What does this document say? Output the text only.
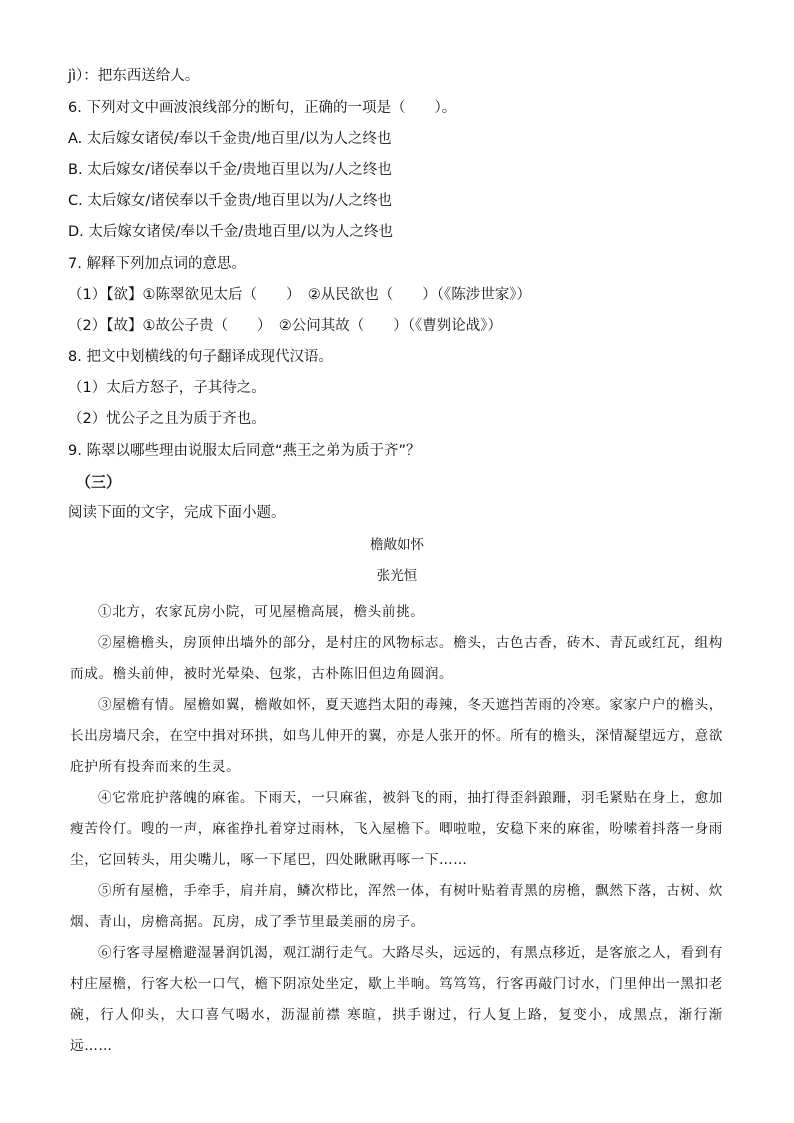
jì）：把东西送给人。
6. 下列对文中画波浪线部分的断句，正确的一项是（　　）。
A. 太后嫁女诸侯/奉以千金贵/地百里/以为人之终也
B. 太后嫁女/诸侯奉以千金/贵地百里以为/人之终也
C. 太后嫁女/诸侯奉以千金贵/地百里以为/人之终也
D. 太后嫁女诸侯/奉以千金/贵地百里/以为人之终也
7. 解释下列加点词的意思。
（1）【欲】①陈翠欲见太后（　　）　②从民欲也（　　）（《陈涉世家》）
（2）【故】①故公子贵（　　）　②公问其故（　　）（《曹刿论战》）
8. 把文中划横线的句子翻译成现代汉语。
（1）太后方怒子，子其待之。
（2）忧公子之且为质于齐也。
9. 陈翠以哪些理由说服太后同意“燕王之弟为质于齐”？
（三）
阅读下面的文字，完成下面小题。
檐敞如怀
张光恒

①北方，农家瓦房小院，可见屋檐高展，檐头前挑。

②屋檐檐头，房顶伸出墙外的部分，是村庄的风物标志。檐头，古色古香，砖木、青瓦或红瓦，组构而成。檐头前伸，被时光晕染、包浆，古朴陈旧但边角圆润。

③屋檐有情。屋檐如翼，檐敞如怀，夏天遮挡太阳的毒辣，冬天遮挡苦雨的冷寒。家家户户的檐头，长出房墙尺余，在空中揖对环拱，如鸟儿伸开的翼，亦是人张开的怀。所有的檐头，深情凝望远方，意欲庇护所有投奔而来的生灵。

④它常庇护落魄的麻雀。下雨天，一只麻雀，被斜飞的雨，抽打得歪斜踉跚，羽毛紧贴在身上，愈加瘦苦伶仃。嗖的一声，麻雀挣扎着穿过雨林，飞入屋檐下。唧啦啦，安稳下来的麻雀，吩嗦着抖落一身雨尘，它回转头，用尖嘴儿，啄一下尾巴，四处瞅瞅再啄一下……

⑤所有屋檐，手牵手，肩并肩，鳞次栉比，浑然一体，有树叶贴着青黑的房檐，飘然下落，古树、炊烟、青山，房檐高据。瓦房，成了季节里最美丽的房子。

⑥行客寻屋檐避湿暑润饥渴，观江湖行走气。大路尽头，远远的，有黑点移近，是客旅之人，看到有村庄屋檐，行客大松一口气，檐下阴凉处坐定，歇上半晌。笃笃笃，行客再敲门讨水，门里伸出一黑扣老碗，行人仰头，大口喜气喝水，沥湿前襟 寒暄，拱手谢过，行人复上路，复变小，成黑点，渐行渐远……
